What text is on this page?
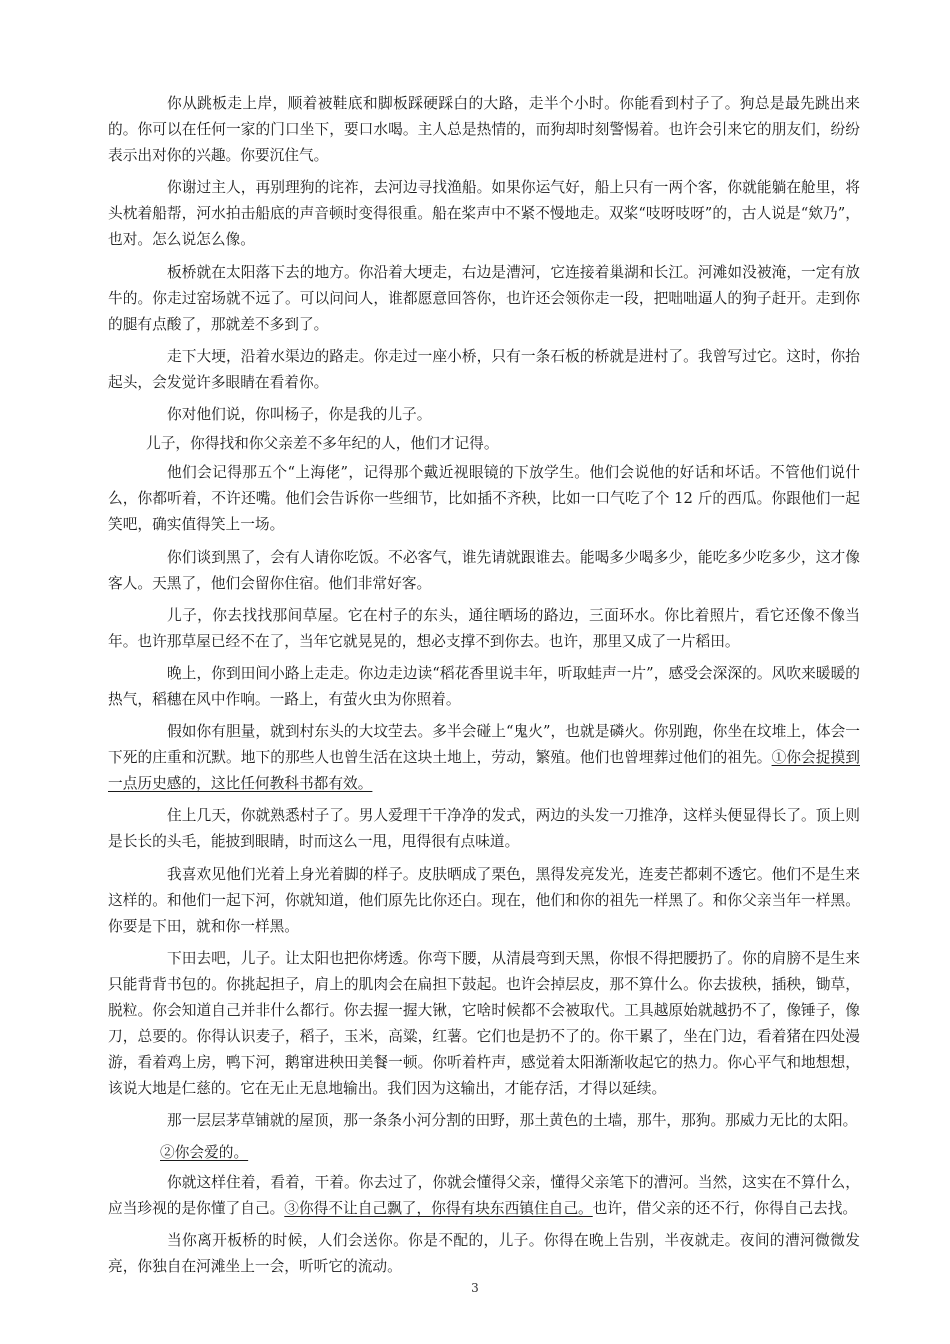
你从跳板走上岸，顺着被鞋底和脚板踩硬踩白的大路，走半个小时。你能看到村子了。狗总是最先跳出来的。你可以在任何一家的门口坐下，要口水喝。主人总是热情的，而狗却时刻警惕着。也许会引来它的朋友们，纷纷表示出对你的兴趣。你要沉住气。

你谢过主人，再别理狗的诧祚，去河边寻找渔船。如果你运气好，船上只有一两个客，你就能躺在舱里，将头枕着船帮，河水拍击船底的声音顿时变得很重。船在桨声中不紧不慢地走。双桨“吱呀吱呀”的，古人说是“欸乃”，也对。怎么说怎么像。

板桥就在太阳落下去的地方。你沿着大埂走，右边是漕河，它连接着巢湖和长江。河滩如没被淹，一定有放牛的。你走过窑场就不远了。可以问问人，谁都愿意回答你，也许还会领你走一段，把咄咄逼人的狗子赶开。走到你的腿有点酸了，那就差不多到了。

走下大埂，沿着水渠边的路走。你走过一座小桥，只有一条石板的桥就是进村了。我曾写过它。这时，你抬起头，会发觉许多眼睛在看着你。

你对他们说，你叫杨子，你是我的儿子。

儿子，你得找和你父亲差不多年纪的人，他们才记得。

他们会记得那五个“上海佬”，记得那个戴近视眼镜的下放学生。他们会说他的好话和坏话。不管他们说什么，你都听着，不许还嘴。他们会告诉你一些细节，比如插不齐秧，比如一口气吃了个 12 斤的西瓜。你跟他们一起笑吧，确实值得笑上一场。

你们谈到黑了，会有人请你吃饭。不必客气，谁先请就跟谁去。能喝多少喝多少，能吃多少吃多少，这才像客人。天黑了，他们会留你住宿。他们非常好客。

儿子，你去找找那间草屋。它在村子的东头，通往晒场的路边，三面环水。你比着照片，看它还像不像当年。也许那草屋已经不在了，当年它就晃晃的，想必支撑不到你去。也许，那里又成了一片稻田。

晚上，你到田间小路上走走。你边走边读“稻花香里说丰年，听取蛙声一片”，感受会深深的。风吹来暖暖的热气，稻穗在风中作响。一路上，有萤火虫为你照着。

假如你有胆量，就到村东头的大坟茔去。多半会碰上“鬼火”，也就是磷火。你别跑，你坐在坟堆上，体会一下死的庄重和沉默。地下的那些人也曾生活在这块土地上，劳动，繁殖。他们也曾埋葬过他们的祖先。①你会捉摸到一点历史感的，这比任何教科书都有效。

住上几天，你就熟悉村子了。男人爱理干干净净的发式，两边的头发一刀推净，这样头便显得长了。顶上则是长长的头毛，能披到眼睛，时而这么一甩，甩得很有点味道。

我喜欢见他们光着上身光着脚的样子。皮肤晒成了栗色，黑得发亮发光，连麦芒都刺不透它。他们不是生来这样的。和他们一起下河，你就知道，他们原先比你还白。现在，他们和你的祖先一样黑了。和你父亲当年一样黑。你要是下田，就和你一样黑。

下田去吧，儿子。让太阳也把你烤透。你弯下腰，从清晨弯到天黑，你恨不得把腰扔了。你的肩膀不是生来只能背背书包的。你挑起担子，肩上的肌肉会在扁担下鼓起。也许会掉层皮，那不算什么。你去拔秧，插秧，锄草，脱粒。你会知道自己并非什么都行。你去握一握大锹，它啥时候都不会被取代。工具越原始就越扔不了，像锤子，像刀，总要的。你得认识麦子，稻子，玉米，高粱，红薯。它们也是扔不了的。你干累了，坐在门边，看着猪在四处漫游，看着鸡上房，鸭下河，鹅窜进秧田美餐一顿。你听着杵声，感觉着太阳渐渐收起它的热力。你心平气和地想想，该说大地是仁慈的。它在无止无息地输出。我们因为这输出，才能存活，才得以延续。

那一层层茅草铺就的屋顶，那一条条小河分割的田野，那土黄色的土墙，那牛，那狗。那威力无比的太阳。

②你会爱的。

你就这样住着，看着，干着。你去过了，你就会懂得父亲，懂得父亲笔下的漕河。当然，这实在不算什么，应当珍视的是你懂了自己。③你得不让自己飘了，你得有块东西镇住自己。也许，借父亲的还不行，你得自己去找。

当你离开板桥的时候，人们会送你。你是不配的，儿子。你得在晚上告别，半夜就走。夜间的漕河微微发亮，你独自在河滩坐上一会，听听它的流动。

3
